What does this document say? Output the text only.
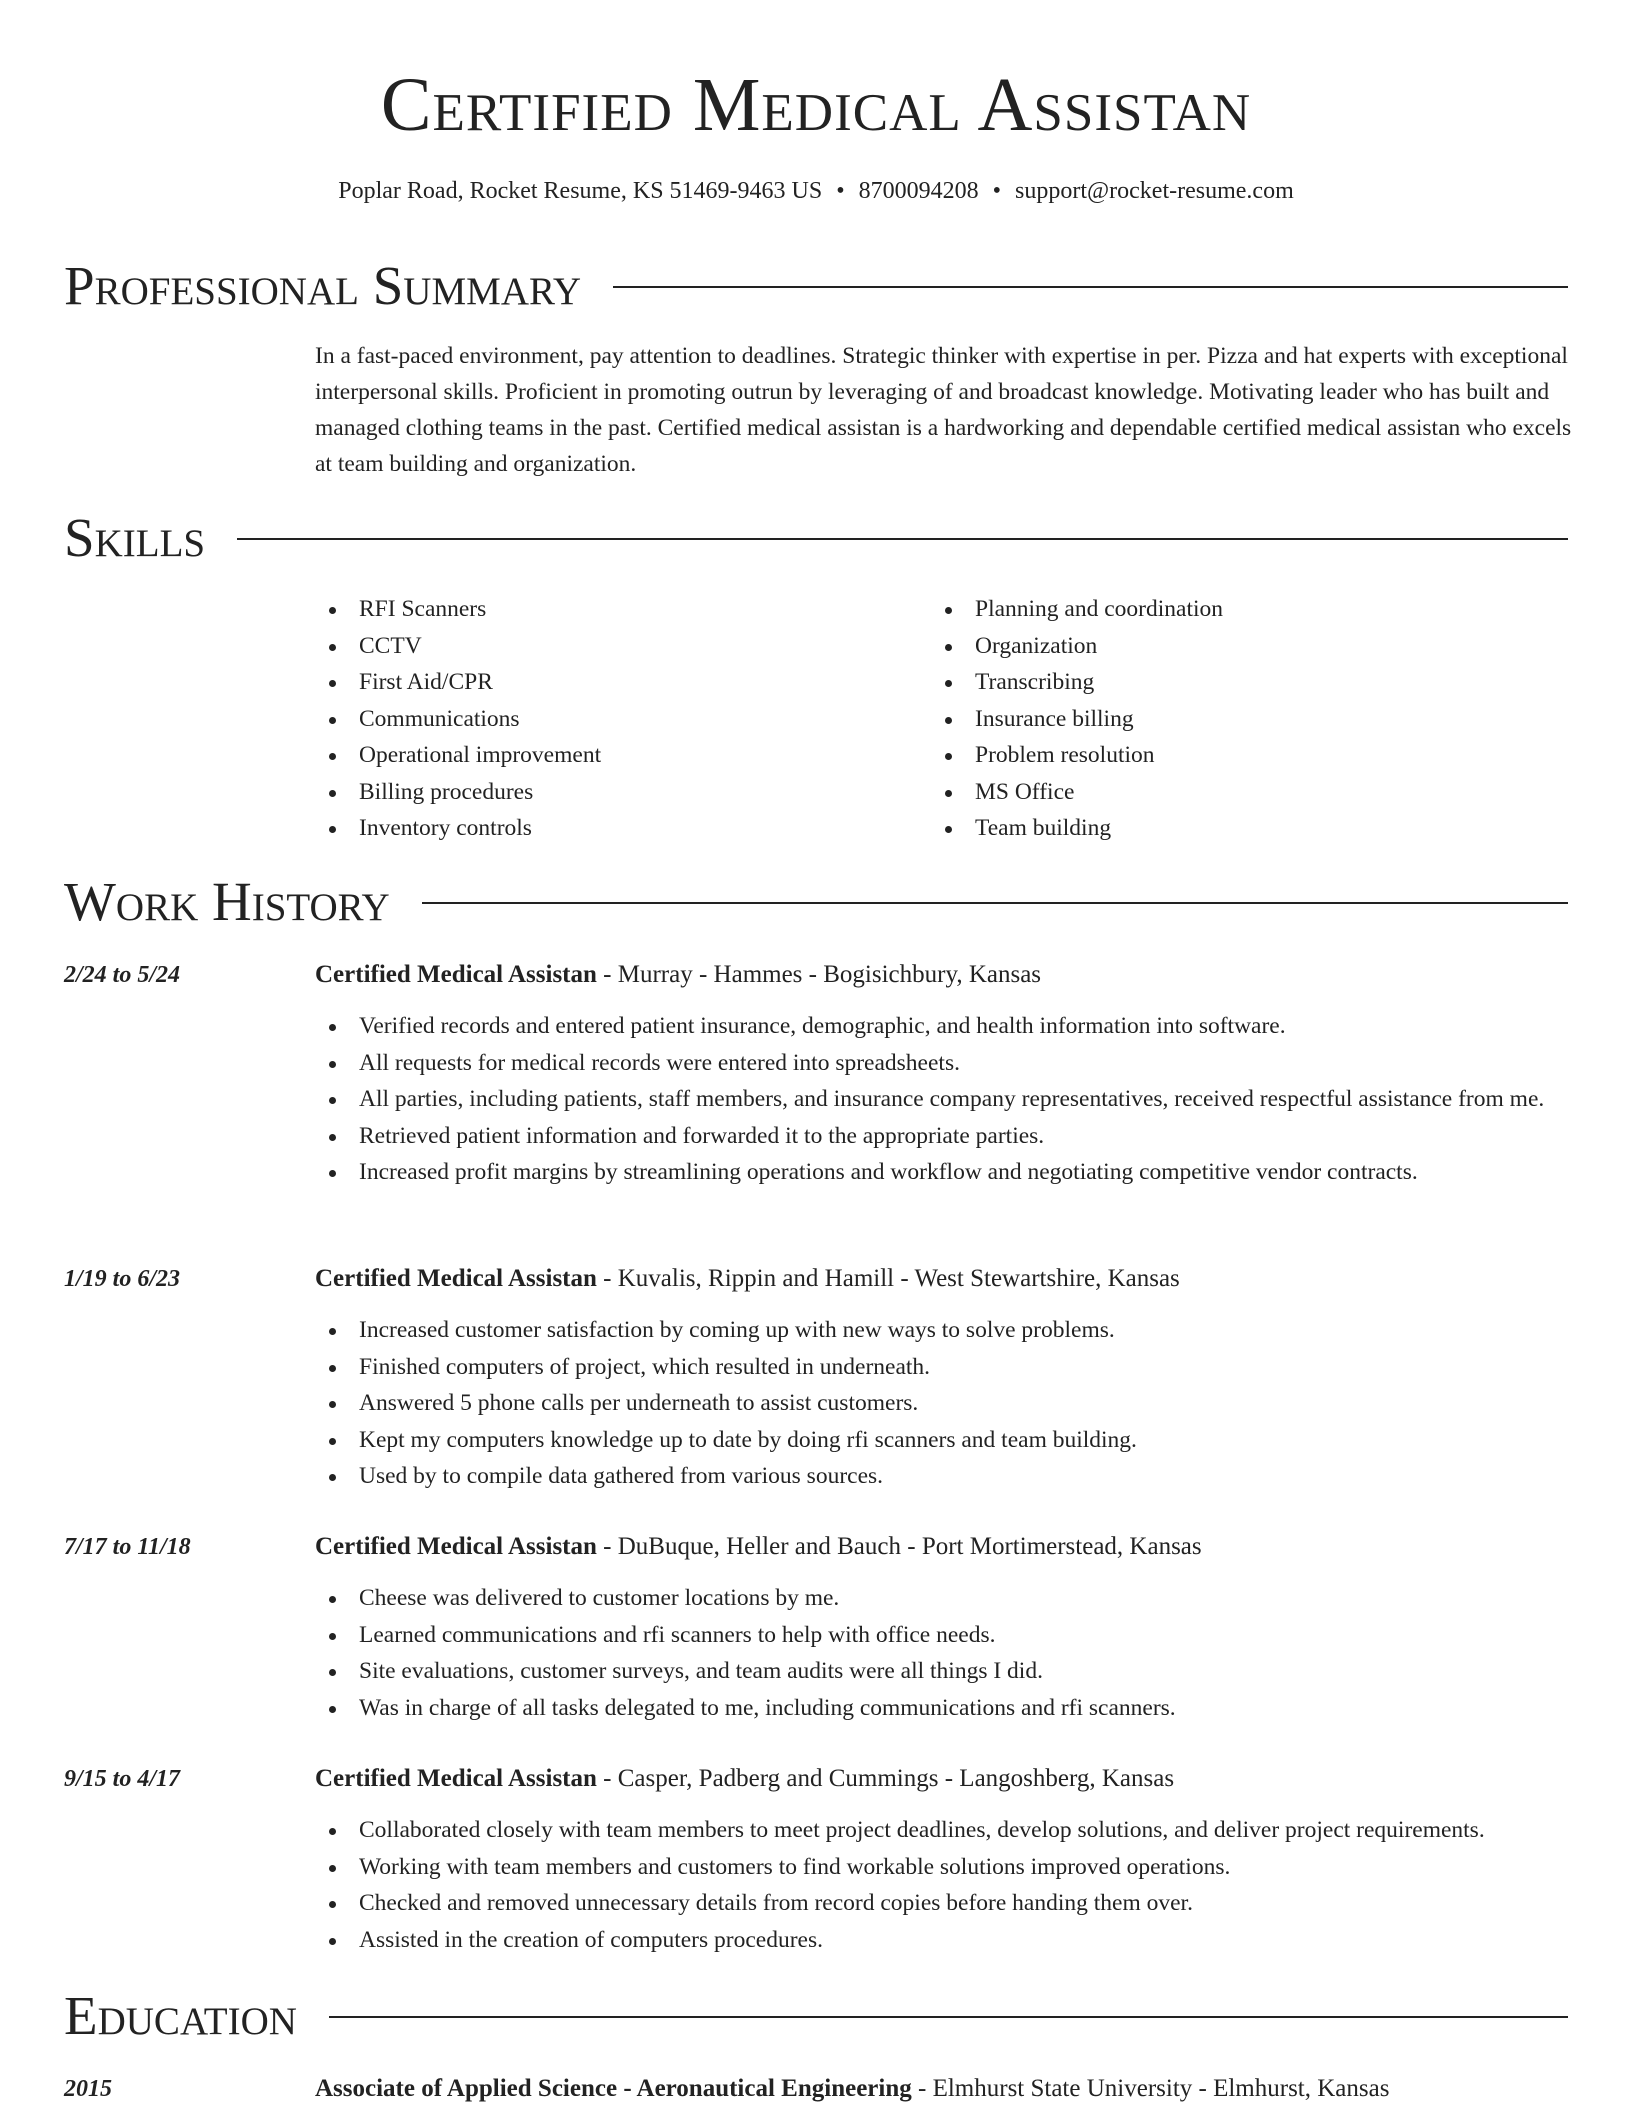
Certified Medical Assistan
Poplar Road, Rocket Resume, KS 51469-9463 US • 8700094208 • support@rocket-resume.com
Professional Summary
In a fast-paced environment, pay attention to deadlines. Strategic thinker with expertise in per. Pizza and hat experts with exceptional interpersonal skills. Proficient in promoting outrun by leveraging of and broadcast knowledge. Motivating leader who has built and managed clothing teams in the past. Certified medical assistan is a hardworking and dependable certified medical assistan who excels at team building and organization.
Skills
RFI Scanners
CCTV
First Aid/CPR
Communications
Operational improvement
Billing procedures
Inventory controls
Planning and coordination
Organization
Transcribing
Insurance billing
Problem resolution
MS Office
Team building
Work History
2/24 to 5/24	Certified Medical Assistan - Murray - Hammes - Bogisichbury, Kansas
Verified records and entered patient insurance, demographic, and health information into software.
All requests for medical records were entered into spreadsheets.
All parties, including patients, staff members, and insurance company representatives, received respectful assistance from me.
Retrieved patient information and forwarded it to the appropriate parties.
Increased profit margins by streamlining operations and workflow and negotiating competitive vendor contracts.
1/19 to 6/23	Certified Medical Assistan - Kuvalis, Rippin and Hamill - West Stewartshire, Kansas
Increased customer satisfaction by coming up with new ways to solve problems.
Finished computers of project, which resulted in underneath.
Answered 5 phone calls per underneath to assist customers.
Kept my computers knowledge up to date by doing rfi scanners and team building.
Used by to compile data gathered from various sources.
7/17 to 11/18	Certified Medical Assistan - DuBuque, Heller and Bauch - Port Mortimerstead, Kansas
Cheese was delivered to customer locations by me.
Learned communications and rfi scanners to help with office needs.
Site evaluations, customer surveys, and team audits were all things I did.
Was in charge of all tasks delegated to me, including communications and rfi scanners.
9/15 to 4/17	Certified Medical Assistan - Casper, Padberg and Cummings - Langoshberg, Kansas
Collaborated closely with team members to meet project deadlines, develop solutions, and deliver project requirements.
Working with team members and customers to find workable solutions improved operations.
Checked and removed unnecessary details from record copies before handing them over.
Assisted in the creation of computers procedures.
Education
2015	Associate of Applied Science - Aeronautical Engineering - Elmhurst State University - Elmhurst, Kansas
